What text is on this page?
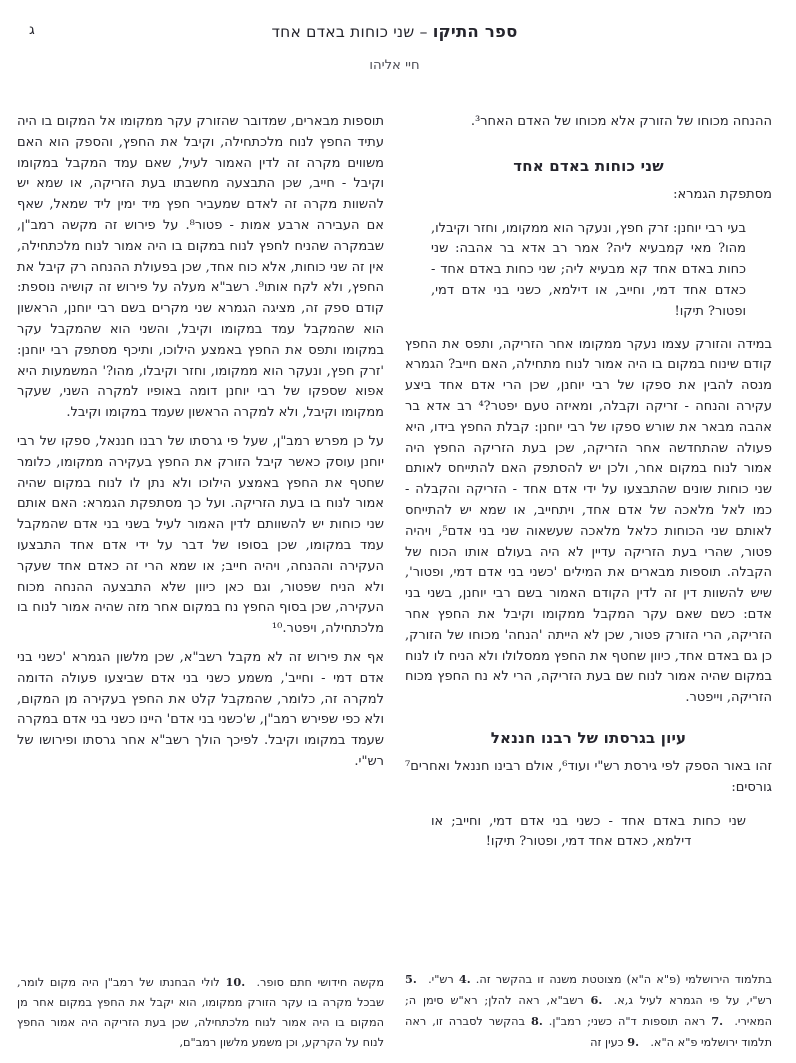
ג	ספר התיקו – שני כוחות באדם אחד
חיי אליהו

ההנחה מכוחו של הזורק אלא מכוחו של האדם האחר³.

שני כוחות באדם אחד

מסתפקת הגמרא:

בעי רבי יוחנן: זרק חפץ, ונעקר הוא ממקומו, וחזר וקיבלו, מהו? מאי קמבעיא ליה? אמר רב אדא בר אהבה: שני כחות באדם אחד קא מבעיא ליה; שני כחות באדם אחד - כאדם אחד דמי, וחייב, או דילמא, כשני בני אדם דמי, ופטור? תיקו!

במידה והזורק עצמו נעקר ממקומו אחר הזריקה, ותפס את החפץ קודם שינוח במקום בו היה אמור לנוח מתחילה, האם חייב? הגמרא מנסה להבין את ספקו של רבי יוחנן, שכן הרי אדם אחד ביצע עקירה והנחה - זריקה וקבלה, ומאיזה טעם יפטר?⁴ רב אדא בר אהבה מבאר את שורש ספקו של רבי יוחנן: קבלת החפץ בידו, היא פעולה שהתחדשה אחר הזריקה, שכן בעת הזריקה החפץ היה אמור לנוח במקום אחר, ולכן יש להסתפק האם להתייחס לאותם שני כוחות שונים שהתבצעו על ידי אדם אחד - הזריקה והקבלה - כמו לאל מלאכה של אדם אחד, ויתחייב, או שמא יש להתייחס לאותם שני הכוחות כלאל מלאכה שעשאוה שני בני אדם⁵, ויהיה פטור, שהרי בעת הזריקה עדיין לא היה בעולם אותו הכוח של הקבלה. תוספות מבארים את המילים 'כשני בני אדם דמי, ופטור', שיש להשוות דין זה לדין הקודם האמור בשם רבי יוחנן, בשני בני אדם: כשם שאם עקר המקבל ממקומו וקיבל את החפץ אחר הזריקה, הרי הזורק פטור, שכן לא הייתה 'הנחה' מכוחו של הזורק, כן גם באדם אחד, כיוון שחטף את החפץ ממסלולו ולא הניח לו לנוח במקום שהיה אמור לנוח שם בעת הזריקה, הרי לא נח החפץ מכוח הזריקה, וייפטר.

עיון בגרסתו של רבנו חננאל

זהו באור הספק לפי גירסת רש"י ועוד⁶, אולם רבינו חננאל ואחרים⁷ גורסים:

שני כחות באדם אחד - כשני בני אדם דמי, וחייב; או דילמא, כאדם אחד דמי, ופטור? תיקו!
בתלמוד הירושלמי (פ"א ה"א) מצוטטת משנה זו בהקשר זה. 4. רש"י.  5. רש"י, על פי הגמרא לעיל ג,א.  6. רשב"א, ראה להלן; רא"ש סימן ה; המאירי.  7. ראה תוספות ד"ה כשני; רמב"ן. 8. בהקשר לסברה זו, ראה תלמוד ירושלמי פ"א ה"א.  9. כעין זה

תוספות מבארים, שמדובר שהזורק עקר ממקומו אל המקום בו היה עתיד החפץ לנוח מלכתחילה, וקיבל את החפץ, והספק הוא האם משווים מקרה זה לדין האמור לעיל, שאם עמד המקבל במקומו וקיבל - חייב, שכן התבצעה מחשבתו בעת הזריקה, או שמא יש להשוות מקרה זה לאדם שמעביר חפץ מיד ימין ליד שמאל, שאף אם העבירה ארבע אמות - פטור⁸. על פירוש זה מקשה רמב"ן, שבמקרה שהניח לחפץ לנוח במקום בו היה אמור לנוח מלכתחילה, אין זה שני כוחות, אלא כוח אחד, שכן בפעולת ההנחה רק קיבל את החפץ, ולא לקח אותו⁹. רשב"א מעלה על פירוש זה קושיה נוספת: קודם ספק זה, מציגה הגמרא שני מקרים בשם רבי יוחנן, הראשון הוא שהמקבל עמד במקומו וקיבל, והשני הוא שהמקבל עקר במקומו ותפס את החפץ באמצע הילוכו, ותיכף מסתפק רבי יוחנן: 'זרק חפץ, ונעקר הוא ממקומו, וחזר וקיבלו, מהו?' המשמעות היא אפוא שספקו של רבי יוחנן דומה באופיו למקרה השני, שעקר ממקומו וקיבל, ולא למקרה הראשון שעמד במקומו וקיבל.

על כן מפרש רמב"ן, שעל פי גרסתו של רבנו חננאל, ספקו של רבי יוחנן עוסק כאשר קיבל הזורק את החפץ בעקירה ממקומו, כלומר שחטף את החפץ באמצע הילוכו ולא נתן לו לנוח במקום שהיה אמור לנוח בו בעת הזריקה. ועל כך מסתפקת הגמרא: האם אותם שני כוחות יש להשוותם לדין האמור לעיל בשני בני אדם שהמקבל עמד במקומו, שכן בסופו של דבר על ידי אדם אחד התבצעו העקירה וההנחה, ויהיה חייב; או שמא הרי זה כאדם אחד שעקר ולא הניח שפטור, וגם כאן כיוון שלא התבצעה ההנחה מכוח העקירה, שכן בסוף החפץ נח במקום אחר מזה שהיה אמור לנוח בו מלכתחילה, ויפטר.¹⁰

אף את פירוש זה לא מקבל רשב"א, שכן מלשון הגמרא 'כשני בני אדם דמי - וחייב', משמע כשני בני אדם שביצעו פעולה הדומה למקרה זה, כלומר, שהמקבל קלט את החפץ בעקירה מן המקום, ולא כפי שפירש רמב"ן, ש'כשני בני אדם' היינו כשני בני אדם במקרה שעמד במקומו וקיבל. לפיכך הולך רשב"א אחר גרסתו ופירושו של רש"י.

מקשה חידושי חתם סופר.  10. לולי הבחנתו של רמב"ן היה מקום לומר, שבכל מקרה בו עקר הזורק ממקומו, הוא יקבל את החפץ במקום אחר מן המקום בו היה אמור לנוח מלכתחילה, שכן בעת הזריקה היה אמור החפץ לנוח על הקרקע, וכן משמע מלשון רמב"ם,
